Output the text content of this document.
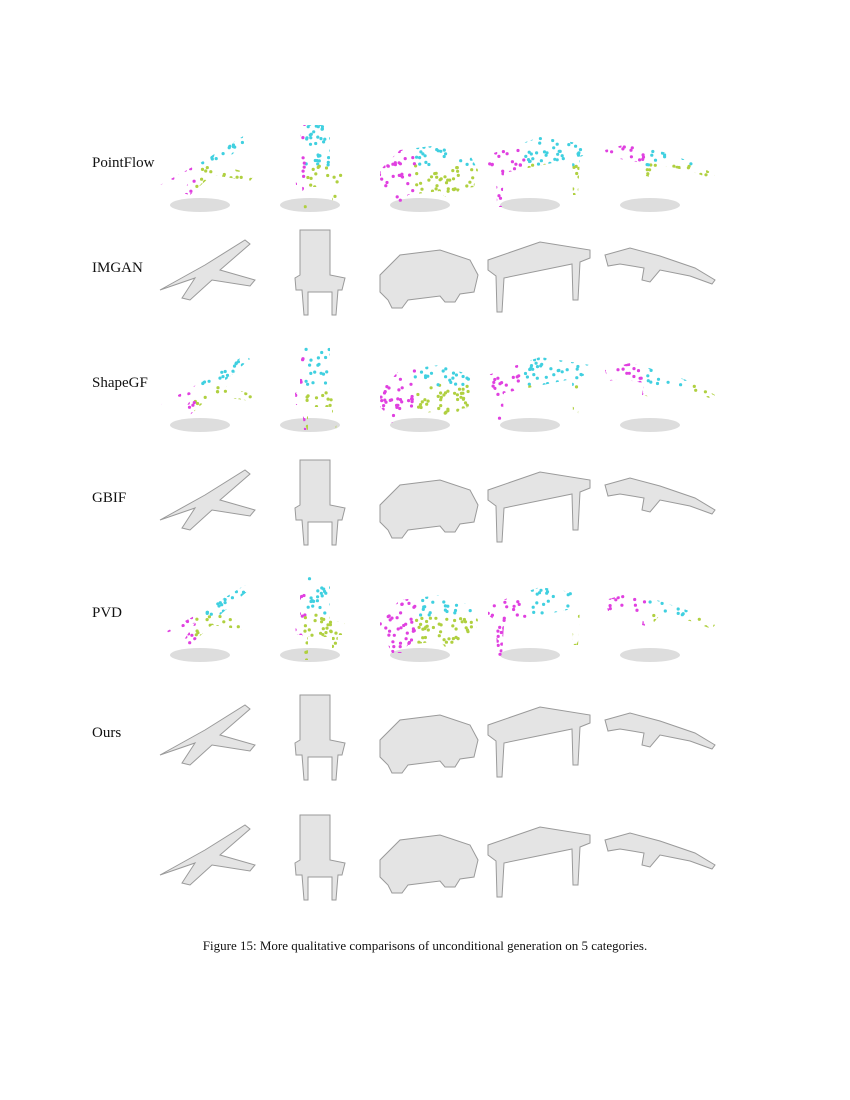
PointFlow
IMGAN
ShapeGF
GBIF
PVD
Ours
Figure 15: More qualitative comparisons of unconditional generation on 5 categories.
